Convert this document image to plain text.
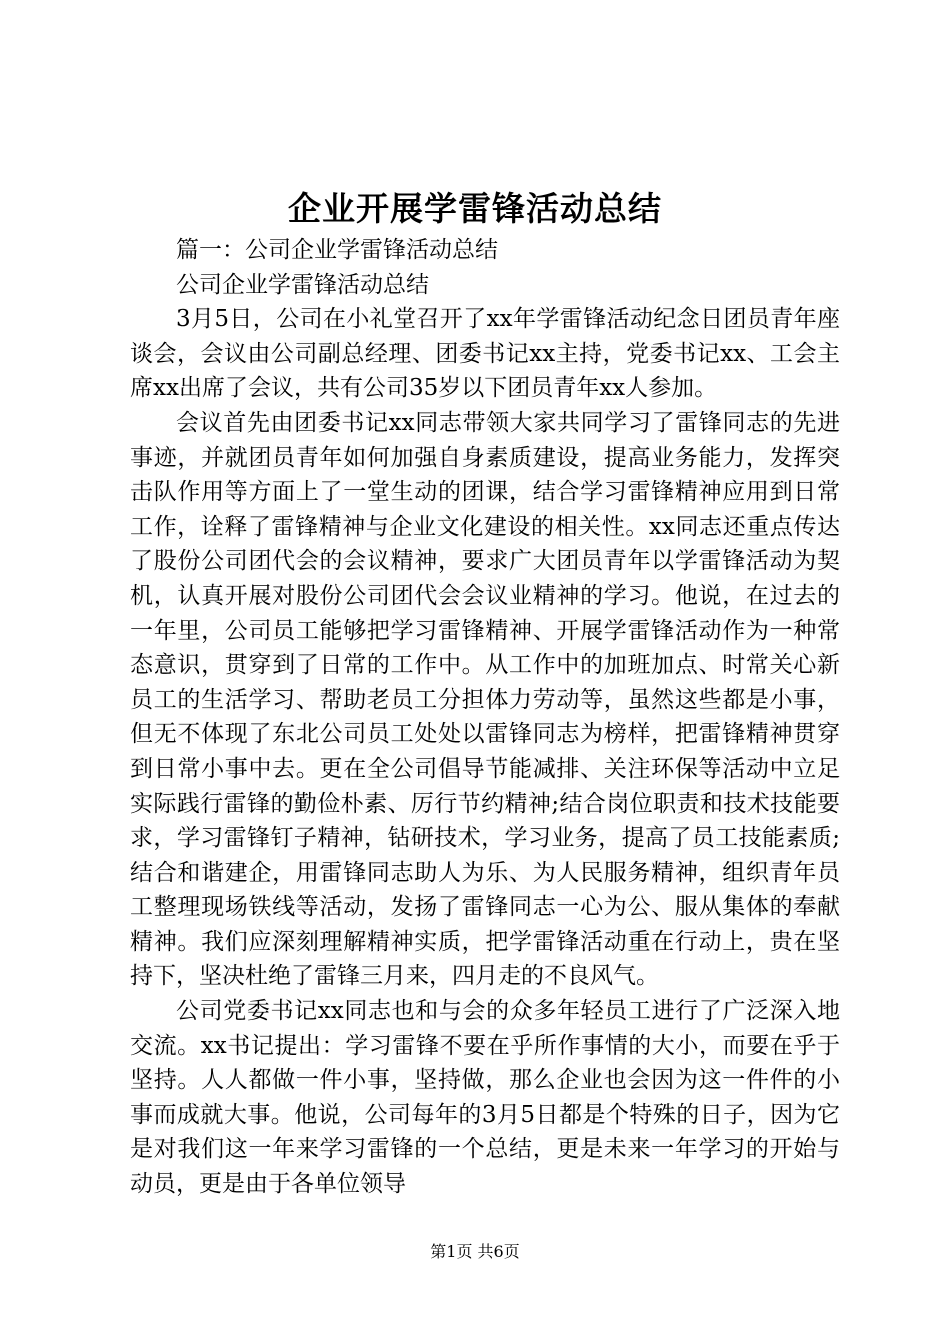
企业开展学雷锋活动总结

篇一：公司企业学雷锋活动总结

公司企业学雷锋活动总结

3月5日，公司在小礼堂召开了xx年学雷锋活动纪念日团员青年座谈会，会议由公司副总经理、团委书记xx主持，党委书记xx、工会主席xx出席了会议，共有公司35岁以下团员青年xx人参加。

会议首先由团委书记xx同志带领大家共同学习了雷锋同志的先进事迹，并就团员青年如何加强自身素质建设，提高业务能力，发挥突击队作用等方面上了一堂生动的团课，结合学习雷锋精神应用到日常工作，诠释了雷锋精神与企业文化建设的相关性。xx同志还重点传达了股份公司团代会的会议精神，要求广大团员青年以学雷锋活动为契机，认真开展对股份公司团代会会议业精神的学习。他说，在过去的一年里，公司员工能够把学习雷锋精神、开展学雷锋活动作为一种常态意识，贯穿到了日常的工作中。从工作中的加班加点、时常关心新员工的生活学习、帮助老员工分担体力劳动等，虽然这些都是小事，但无不体现了东北公司员工处处以雷锋同志为榜样，把雷锋精神贯穿到日常小事中去。更在全公司倡导节能减排、关注环保等活动中立足实际践行雷锋的勤俭朴素、厉行节约精神;结合岗位职责和技术技能要求，学习雷锋钉子精神，钻研技术，学习业务，提高了员工技能素质;结合和谐建企，用雷锋同志助人为乐、为人民服务精神，组织青年员工整理现场铁线等活动，发扬了雷锋同志一心为公、服从集体的奉献精神。我们应深刻理解精神实质，把学雷锋活动重在行动上，贵在坚持下，坚决杜绝了雷锋三月来，四月走的不良风气。

公司党委书记xx同志也和与会的众多年轻员工进行了广泛深入地交流。xx书记提出：学习雷锋不要在乎所作事情的大小，而要在乎于坚持。人人都做一件小事，坚持做，那么企业也会因为这一件件的小事而成就大事。他说，公司每年的3月5日都是个特殊的日子，因为它是对我们这一年来学习雷锋的一个总结，更是未来一年学习的开始与动员，更是由于各单位领导

第1页 共6页
